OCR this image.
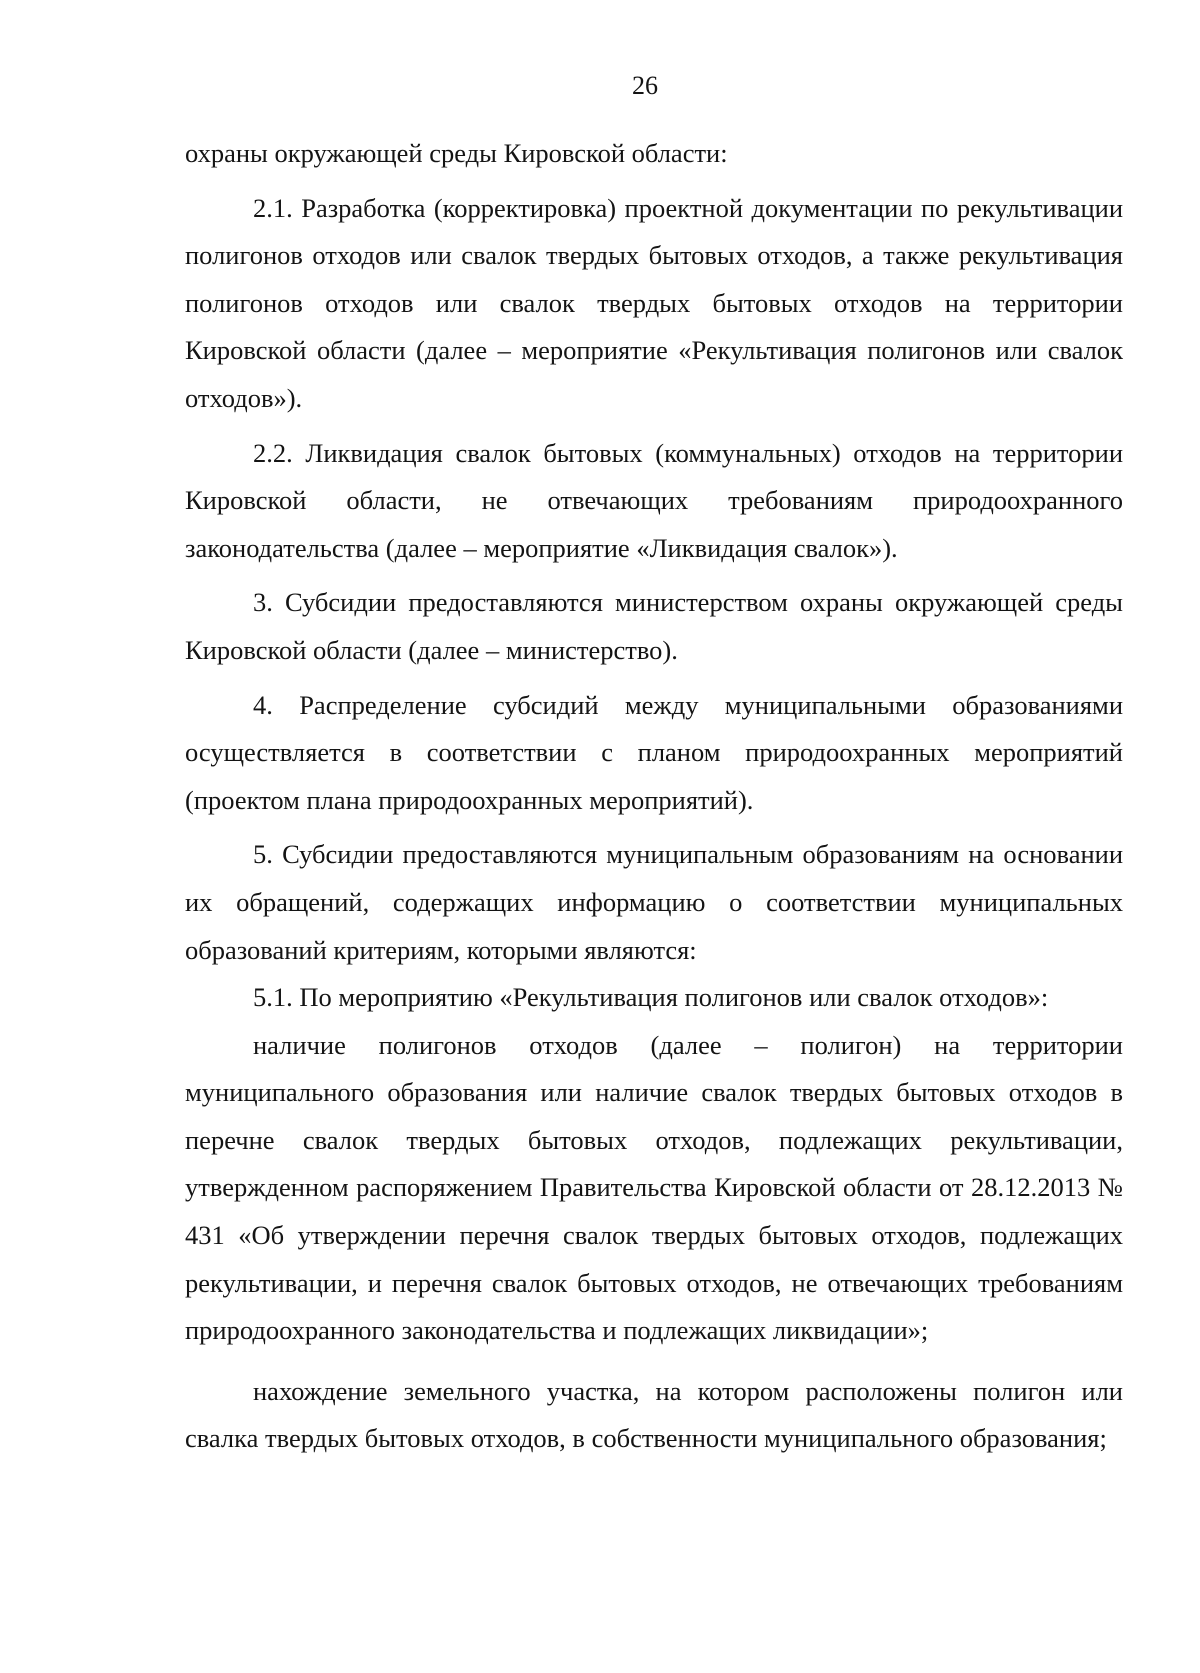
26

охраны окружающей среды Кировской области:

2.1. Разработка (корректировка) проектной документации по рекультивации полигонов отходов или свалок твердых бытовых отходов, а также рекультивация полигонов отходов или свалок твердых бытовых отходов на территории Кировской области (далее – мероприятие «Рекультивация полигонов или свалок отходов»).

2.2. Ликвидация свалок бытовых (коммунальных) отходов на территории Кировской области, не отвечающих требованиям природоохранного законодательства (далее – мероприятие «Ликвидация свалок»).

3. Субсидии предоставляются министерством охраны окружающей среды Кировской области (далее – министерство).

4. Распределение субсидий между муниципальными образованиями осуществляется в соответствии с планом природоохранных мероприятий (проектом плана природоохранных мероприятий).

5. Субсидии предоставляются муниципальным образованиям на основании их обращений, содержащих информацию о соответствии муниципальных образований критериям, которыми являются:

5.1. По мероприятию «Рекультивация полигонов или свалок отходов»:

наличие полигонов отходов (далее – полигон) на территории муниципального образования или наличие свалок твердых бытовых отходов в перечне свалок твердых бытовых отходов, подлежащих рекультивации, утвержденном распоряжением Правительства Кировской области от 28.12.2013 № 431 «Об утверждении перечня свалок твердых бытовых отходов, подлежащих рекультивации, и перечня свалок бытовых отходов, не отвечающих требованиям природоохранного законодательства и подлежащих ликвидации»;

нахождение земельного участка, на котором расположены полигон или свалка твердых бытовых отходов, в собственности муниципального образования;
